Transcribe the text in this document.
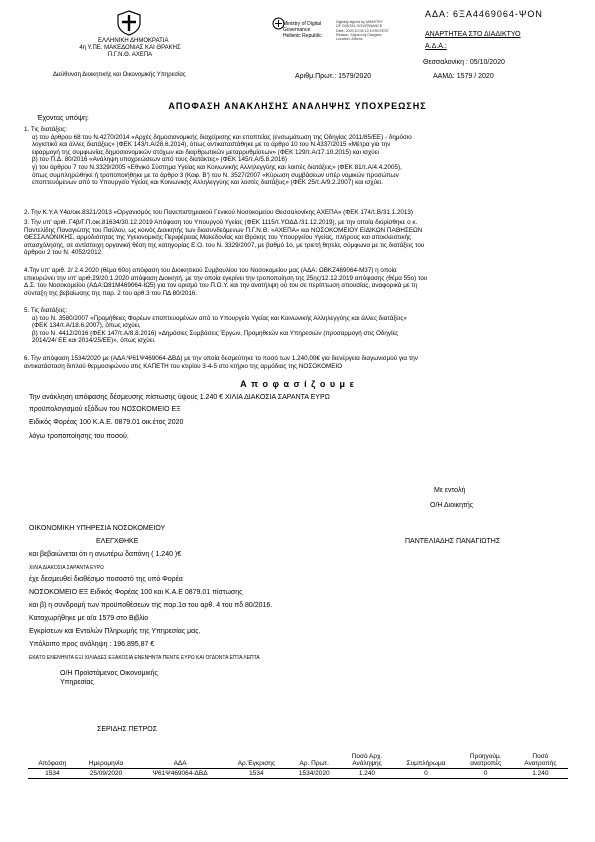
ΕΛΛΗΝΙΚΗ ΔΗΜΟΚΡΑΤΙΑ
4η Υ.ΠΕ. ΜΑΚΕΔΟΝΙΑΣ ΚΑΙ ΘΡΑΚΗΣ
Π.Γ.Ν.Θ. ΑΧΕΠΑ
Διεύθυνση Διοικητικής και Οικονομικής Υπηρεσίας
Ministry of Digital
Governance
Hellenic Republic
Digitally signed by MINISTRY
OF DIGITAL GOVERNANCE
Date: 2020.10.05 12:19:50 EEST
Reason: Signed by Diavgeia
Location: Athens
ΑΔΑ: 6ΞΑ4469064-ΨΟΝ
ΑΝΑΡΤΗΤΕΑ ΣΤΟ ΔΙΑΔΙΚΤΥΟ
Α.Δ.Α.:
Θεσσαλονίκη : 05/10/2020
Αριθμ.Πρωτ.: 1579/2020	ΑΑΜΔ: 1579 / 2020
ΑΠΟΦΑΣΗ ΑΝΑΚΛΗΣΗΣ ΑΝΑΛΗΨΗΣ ΥΠΟΧΡΕΩΣΗΣ
Έχοντας υπόψη:
1. Τις διατάξεις:
α) του άρθρου 68 του Ν.4270/2014 «Αρχές δημοσιονομικής διαχείρισης και εποπτείας (ενσωμάτωση της Οδηγίας 2011/85/ΕΕ) - δημόσιο
λογιστικό και άλλες διατάξεις» (ΦΕΚ 143/τ.Α/28.6.2014), όπως αντικαταστάθηκε με το άρθρο 10 του Ν.4337/2015 «Μέτρα για την
εφαρμογή της συμφωνίας δημοσιονομικών στόχων και διαρθρωτικών μεταρρυθμίσεων» (ΦΕΚ 129/τ.Α/17.10.2015) και ισχύει
β) του Π.Δ. 80/2016 «Ανάληψη υποχρεώσεων από τους διατάκτες» (ΦΕΚ 145/τ.Α/5.8.2016)
γ) του άρθρου 7 του Ν.3329/2005 «Εθνικό Σύστημα Υγείας και Κοινωνικής Αλληλεγγύης και λοιπές διατάξεις» (ΦΕΚ 81/τ.Α/4.4.2005),
όπως συμπληρώθηκε ή τροποποιήθηκε με το άρθρο 3 (Καφ. Β') του Ν. 3527/2007 «Κύρωση συμβάσεων υπέρ νομικών προσώπων
εποπτευόμενων από το Υπουργείο Υγείας και Κοινωνικής Αλληλεγγύης και λοιπές διατάξεις» (ΦΕΚ 25/τ.Α/9.2.2007) και ισχύει.
2. Την Κ.Υ.Α Υ4α/οικ.8321/2013 «Οργανισμός του Πανεπιστημιακού Γενικού Νοσοκομείου Θεσσαλονίκης ΑΧΕΠΑ» (ΦΕΚ 174/τ.Β/31.1.2013)
3. Την υπ' αριθ. Γ4β/Γ.Π.οικ.81634/30.12.2019 Απόφαση του Υπουργού Υγείας (ΦΕΚ 1115/τ.ΥΟΔΔ /31.12.2019), με την οποία διορίσθηκε ο κ.
Παντελίδης Παναγιώτης του Παύλου, ως κοινός Διοικητής των διασυνδεόμενων Π.Γ.Ν.Θ. «ΑΧΕΠΑ» και ΝΟΣΟΚΟΜΕΙΟΥ ΕΙΔΙΚΩΝ ΠΑΘΗΣΕΩΝ
ΘΕΣΣΑΛΟΝΙΚΗΣ, αρμοδιότητας της Υγειονομικής Περιφέρειας Μακεδονίας και Θράκης του Υπουργείου Υγείας, πλήρους και αποκλειστικής
απασχόλησης, σε αντίστοιχη οργανική θέση της κατηγορίας Ε.Ο. του Ν. 3329/2007, με βαθμό 1ο, με τριετή θητεία, σύμφωνα με τις διατάξεις του
άρθρου 2 του Ν. 4052/2012.
4.Την υπ' αριθ. 2/ 2.4.2020 (θέμα 60ο) απόφαση του Διοικητικού Συμβουλίου του Νοσοκομείου μας (ΑΔΑ: ΩΒΚΖ469064-Μ37) η οποία
επικυρώνει την υπ' αριθ.29/20.1.2020 απόφαση Διοικητή, με την οποία εγκρίνει την τροποποίηση της 25ης/12.12.2019 απόφασης (θέμα 55ο) του
Δ.Σ. του Νοσοκομείου (ΑΔΑ:Ω81Μ469064-ΙΩ5) για τον ορισμό του Π.Ο.Υ. και την ανατήλψη ού του σε περίπτωση απουσίας, αναφορικά με τη
σύνταξη της βεβαίωσης της παρ. 2 του αρθ.3 του ΠΔ 80/2016.
5. Τις διατάξεις:
α) του Ν. 3580/2007 «Προμήθειες Φορέων εποπτευομένων από το Υπουργείο Υγείας και Κοινωνικής Αλληλεγγύης και άλλες διατάξεις»
(ΦΕΚ 134/τ.Α/18.6.2007), όπως ισχύει,
β) του Ν. 4412/2016 (ΦΕΚ 147/τ.Α/8.8.2016) «Δημόσιες Συμβάσεις Έργων, Προμηθειών και Υπηρεσιών (προσαρμογή στις Οδηγίες
2014/24/ ΕΕ και 2014/25/ΕΕ)», όπως ισχύει.
6. Την απόφαση 1534/2020 με (ΑΔΑ:Ψ61Ψ469064-ΔΒΔ) με την οποία δεσμεύτηκε το ποσό των 1.240,00€ για διενέργεια διαγωνισμού για την
αντικατάσταση διπλού θερμοσιφώνου στις ΚΑΠΕΤΗ του κτιρίου 3-4-5 στο κτήριο της αρμόδιας της ΝΟΣΟΚΟΜΕΙΟ
Α π ο φ α σ ί ζ ο υ μ ε
Την ανάκληση απόφασης δέσμευσης πίστωσης ύψους 1.240 € ΧΙΛΙΑ ΔΙΑΚΟΣΙΑ ΣΑΡΑΝΤΑ ΕΥΡΩ
προϋπολογισμού εξόδων του ΝΟΣΟΚΟΜΕΙΟ ΕΞ
Ειδικός Φορέας 100 Κ.Α.Ε. 0879.01 οικ.έτος 2020
λόγω τροποποίησης του ποσού.
Με εντολή
Ο/Η Διοικητής
ΟΙΚΟΝΟΜΙΚΗ ΥΠΗΡΕΣΙΑ ΝΟΣΟΚΟΜΕΙΟΥ
ΕΛΕΓΧΘΗΚΕ	ΠΑΝΤΕΛΙΑΔΗΣ ΠΑΝΑΓΙΩΤΗΣ
και βεβαιώνεται ότι η ανωτέρω δαπάνη ( 1.240 )€
ΧΙΛΙΑ ΔΙΑΚΟΣΙΑ ΣΑΡΑΝΤΑ ΕΥΡΩ
έχε δεσμευθεί διαθέσιμο ποσοστό της υπό Φορέα
ΝΟΣΟΚΟΜΕΙΟ ΕΞ Ειδικός Φορέας 100 και Κ.Α.Ε 0879.01 πίστωσης
και β) η συνδρομή των προϋποθέσεων της παρ.1α του αρθ. 4 του πδ 80/2016.
Καταχωρήθηκε με α/α 1579 στο Βιβλίο
Εγκρίσεων και Εντολών Πληρωμής της Υπηρεσίας μας.
Υπόλοιπο προς ανάληψη : 196.895,87 €
ΕΚΑΤΟ ΕΝΕΝΗΝΤΑ ΕΞΙ ΧΙΛΙΑΔΕΣ ΕΞΑΚΟΣΙΑ ΕΝΕΝΗΝΤΑ ΠΕΝΤΕ ΕΥΡΩ ΚΑΙ ΟΓΔΟΝΤΑ ΕΠΤΑ ΛΕΠΤΑ
Ο/Η Προϊστάμενος Οικονομικής
Υπηρεσίας
ΣΕΡΙΔΗΣ ΠΕΤΡΟΣ
Απόφαση	Ημερομηνία	ΑΔΑ	Αρ.Έγκρισης	Αρ. Πρωτ.	Ποσό Αρχ.
Ανάληψης	Συμπλήρωμα	Προηγούμ.
ανατροπές	Ποσό
Ανατροπής
1534	25/09/2020	Ψ61Ψ469064-ΔΒΔ	1534	1534/2020	1.240	0	0	1.240
